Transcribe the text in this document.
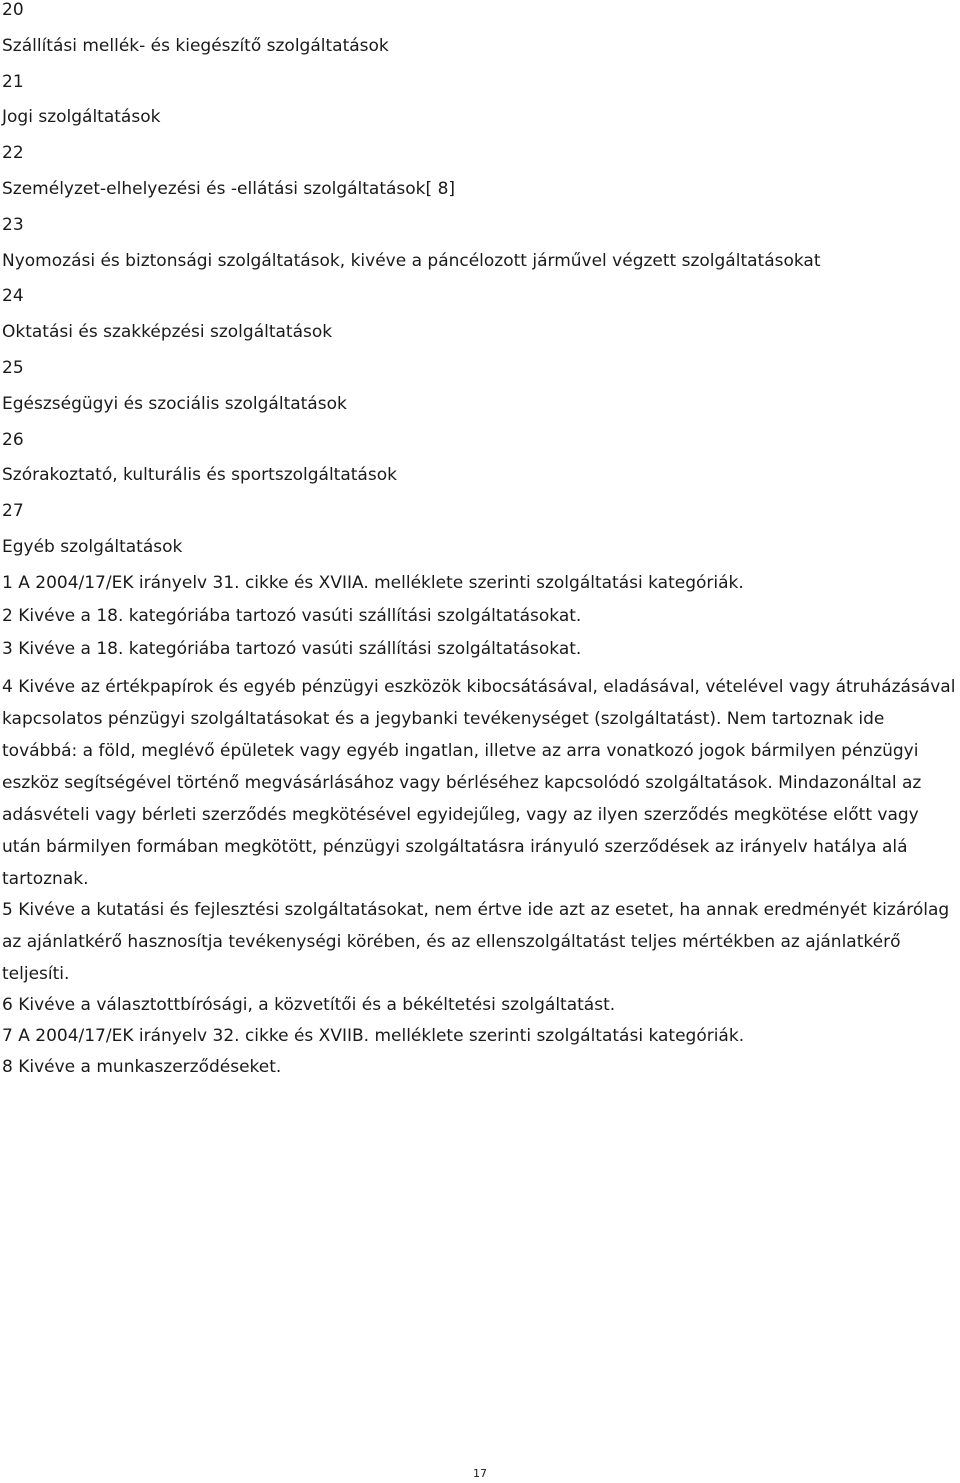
20
Szállítási mellék- és kiegészítő szolgáltatások
21
Jogi szolgáltatások
22
Személyzet-elhelyezési és -ellátási szolgáltatások[ 8]
23
Nyomozási és biztonsági szolgáltatások, kivéve a páncélozott járművel végzett szolgáltatásokat
24
Oktatási és szakképzési szolgáltatások
25
Egészségügyi és szociális szolgáltatások
26
Szórakoztató, kulturális és sportszolgáltatások
27
Egyéb szolgáltatások
1 A 2004/17/EK irányelv 31. cikke és XVIIA. melléklete szerinti szolgáltatási kategóriák.
2 Kivéve a 18. kategóriába tartozó vasúti szállítási szolgáltatásokat.
3 Kivéve a 18. kategóriába tartozó vasúti szállítási szolgáltatásokat.
4 Kivéve az értékpapírok és egyéb pénzügyi eszközök kibocsátásával, eladásával, vételével vagy átruházásával kapcsolatos pénzügyi szolgáltatásokat és a jegybanki tevékenységet (szolgáltatást). Nem tartoznak ide továbbá: a föld, meglévő épületek vagy egyéb ingatlan, illetve az arra vonatkozó jogok bármilyen pénzügyi eszköz segítségével történő megvásárlásához vagy bérléséhez kapcsolódó szolgáltatások. Mindazonáltal az adásvételi vagy bérleti szerződés megkötésével egyidejűleg, vagy az ilyen szerződés megkötése előtt vagy után bármilyen formában megkötött, pénzügyi szolgáltatásra irányuló szerződések az irányelv hatálya alá tartoznak.
5 Kivéve a kutatási és fejlesztési szolgáltatásokat, nem értve ide azt az esetet, ha annak eredményét kizárólag az ajánlatkérő hasznosítja tevékenységi körében, és az ellenszolgáltatást teljes mértékben az ajánlatkérő teljesíti.
6 Kivéve a választottbírósági, a közvetítői és a békéltetési szolgáltatást.
7 A 2004/17/EK irányelv 32. cikke és XVIIB. melléklete szerinti szolgáltatási kategóriák.
8 Kivéve a munkaszerződéseket.
17
